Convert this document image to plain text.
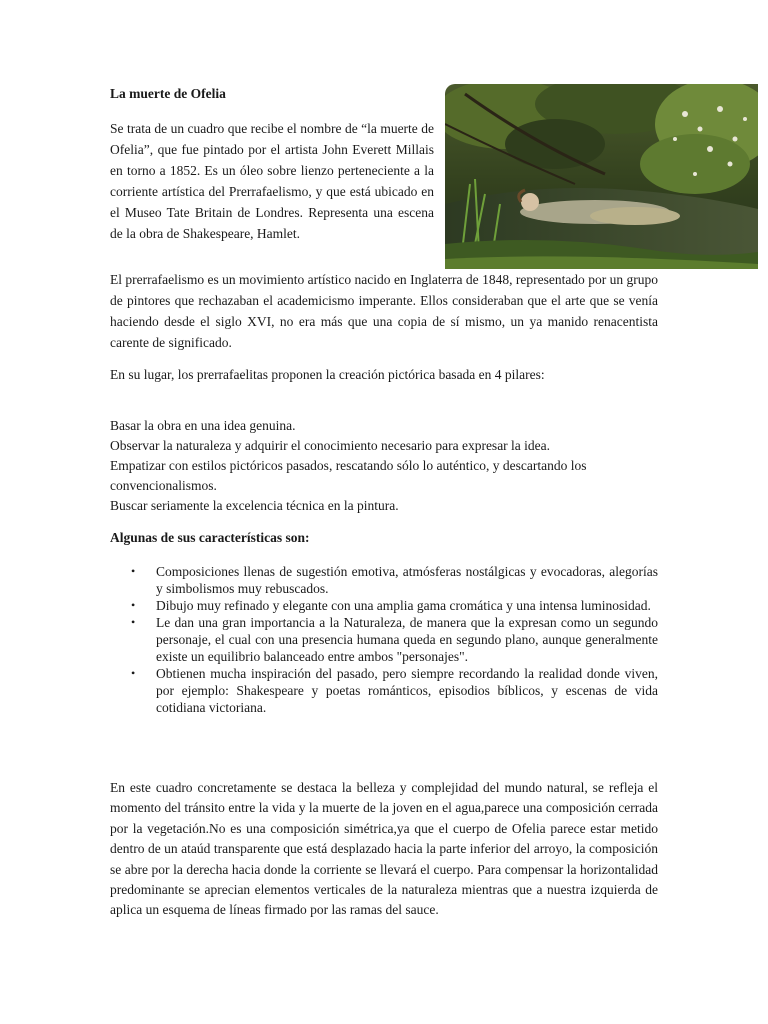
La muerte de Ofelia
Se trata de un cuadro que recibe el nombre de “la muerte de Ofelia”, que fue pintado por el artista John Everett Millais en torno a 1852. Es un óleo sobre lienzo perteneciente a la corriente artística del Prerrafaelismo, y que está ubicado en el Museo Tate Britain de Londres. Representa una escena de la obra de Shakespeare, Hamlet.
El prerrafaelismo es un movimiento artístico nacido en Inglaterra de 1848, representado por un grupo de pintores que rechazaban el academicismo imperante. Ellos consideraban que el arte que se venía haciendo desde el siglo XVI, no era más que una copia de sí mismo, un ya manido renacentista carente de significado.
En su lugar, los prerrafaelitas proponen la creación pictórica basada en 4 pilares:
Basar la obra en una idea genuina.
Observar la naturaleza y adquirir el conocimiento necesario para expresar la idea.
Empatizar con estilos pictóricos pasados, rescatando sólo lo auténtico, y descartando los convencionalismos.
Buscar seriamente la excelencia técnica en la pintura.
Algunas de sus características son:
• Composiciones llenas de sugestión emotiva, atmósferas nostálgicas y evocadoras, alegorías y simbolismos muy rebuscados.
• Dibujo muy refinado y elegante con una amplia gama cromática y una intensa luminosidad.
• Le dan una gran importancia a la Naturaleza, de manera que la expresan como un segundo personaje, el cual con una presencia humana queda en segundo plano, aunque generalmente existe un equilibrio balanceado entre ambos "personajes".
• Obtienen mucha inspiración del pasado, pero siempre recordando la realidad donde viven, por ejemplo: Shakespeare y poetas románticos, episodios bíblicos, y escenas de vida cotidiana victoriana.
En este cuadro concretamente se destaca la belleza y complejidad del mundo natural, se refleja el momento del tránsito entre la vida y la muerte de la joven en el agua,parece una composición cerrada por la vegetación.No es una composición simétrica,ya que el cuerpo de Ofelia parece estar metido dentro de un ataúd transparente que está desplazado hacia la parte inferior del arroyo, la composición se abre por la derecha hacia donde la corriente se llevará el cuerpo. Para compensar la horizontalidad predominante se aprecian elementos verticales de la naturaleza mientras que a nuestra izquierda de aplica un esquema de líneas firmado por las ramas del sauce.
